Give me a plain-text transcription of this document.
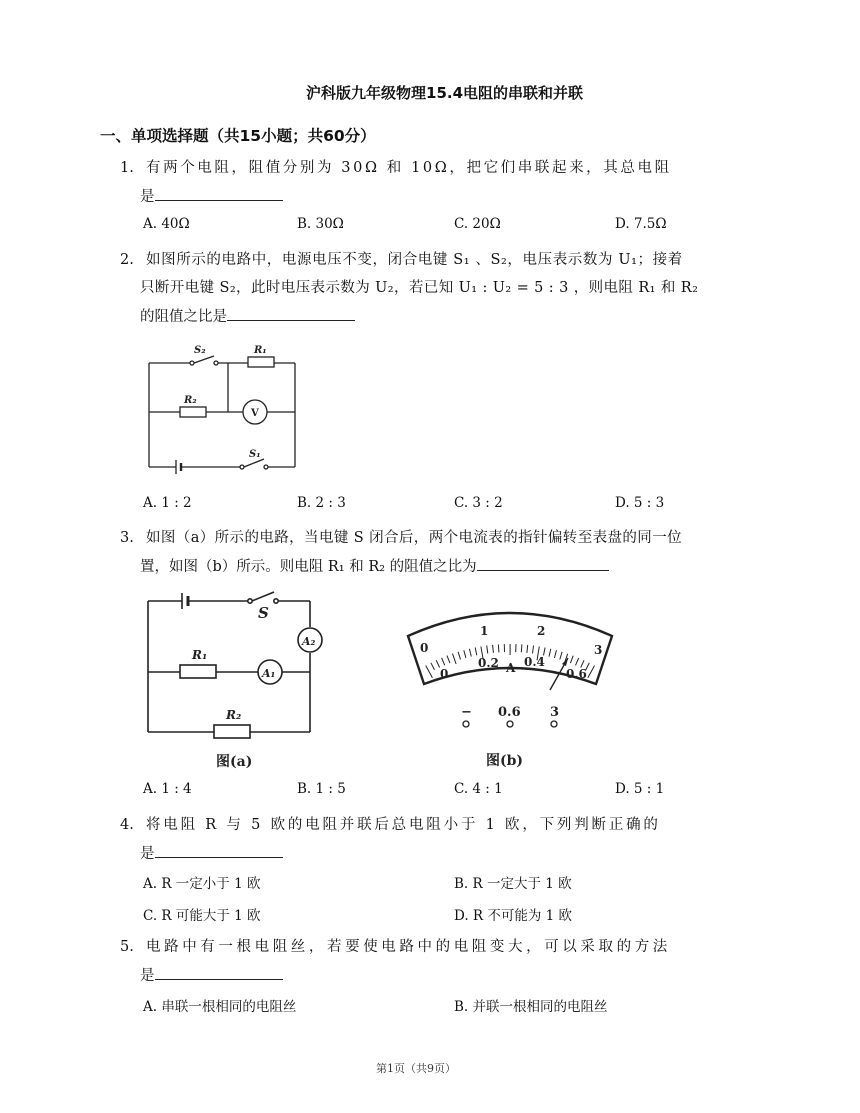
沪科版九年级物理15.4电阻的串联和并联
一、单项选择题（共15小题；共60分）
1. 有两个电阻，阻值分别为 30Ω 和 10Ω，把它们串联起来，其总电阻
是
A. 40Ω	B. 30Ω	C. 20Ω	D. 7.5Ω
2. 如图所示的电路中，电源电压不变，闭合电键 S₁ 、S₂，电压表示数为 U₁；接着
只断开电键 S₂，此时电压表示数为 U₂，若已知 U₁ : U₂ = 5 : 3 ，则电阻 R₁ 和 R₂
的阻值之比是
S₂	R₁
R₂
V
S₁
A. 1 : 2	B. 2 : 3	C. 3 : 2	D. 5 : 3
3. 如图（a）所示的电路，当电键 S 闭合后，两个电流表的指针偏转至表盘的同一位
置，如图（b）所示。则电阻 R₁ 和 R₂ 的阻值之比为
S
A₂
R₁
A₁
R₂
图(a)
0
1	2
3
0
0.2 A 0.4
0.6
− 0.6 3
图(b)
A. 1 : 4	B. 1 : 5	C. 4 : 1	D. 5 : 1
4. 将电阻 R 与 5 欧的电阻并联后总电阻小于 1 欧，下列判断正确的
是
A. R 一定小于 1 欧	B. R 一定大于 1 欧
C. R 可能大于 1 欧	D. R 不可能为 1 欧
5. 电路中有一根电阻丝，若要使电路中的电阻变大，可以采取的方法
是
A. 串联一根相同的电阻丝	B. 并联一根相同的电阻丝
第1页（共9页）
